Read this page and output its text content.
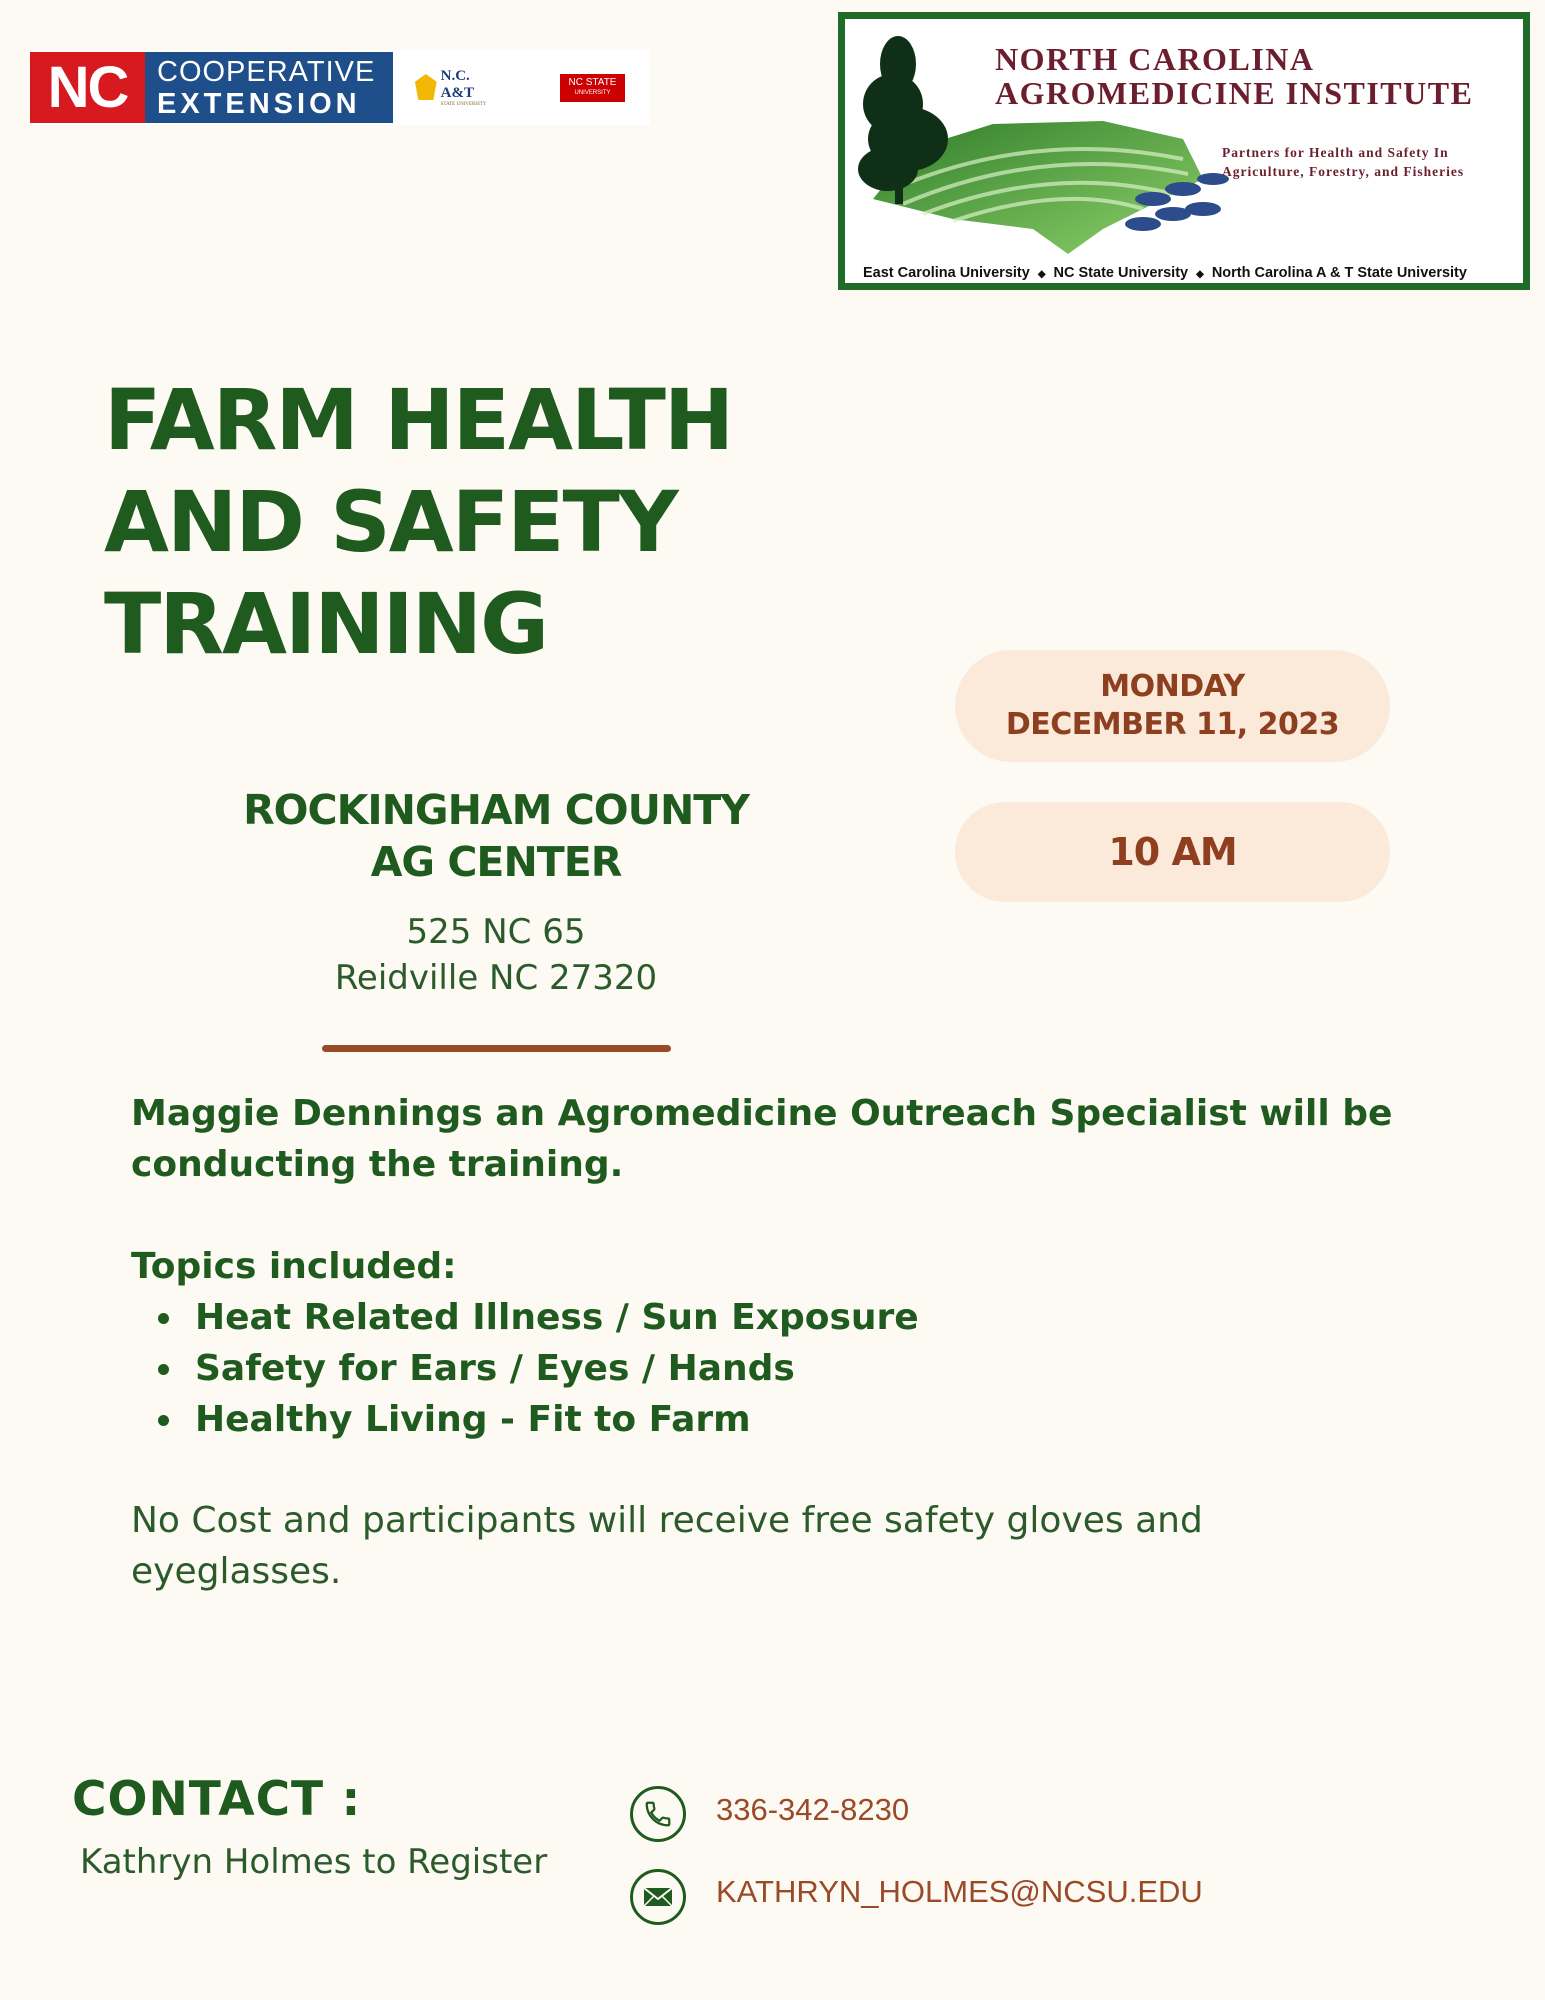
NC	COOPERATIVE
EXTENSION
N.C. A&T
STATE UNIVERSITY
NC STATE
UNIVERSITY
NORTH CAROLINA
AGROMEDICINE INSTITUTE
Partners for Health and Safety In
Agriculture, Forestry, and Fisheries
East Carolina University ◆ NC State University ◆ North Carolina A & T State University
FARM HEALTH
AND SAFETY
TRAINING
MONDAY
DECEMBER 11, 2023
10 AM
ROCKINGHAM COUNTY
AG CENTER
525 NC 65
Reidville NC 27320
Maggie Dennings an Agromedicine Outreach Specialist will be conducting the training.
Topics included:
Heat Related Illness / Sun Exposure
Safety for Ears / Eyes / Hands
Healthy Living - Fit to Farm
No Cost and participants will receive free safety gloves and eyeglasses.
CONTACT :
Kathryn Holmes to Register
336-342-8230
KATHRYN_HOLMES@NCSU.EDU
